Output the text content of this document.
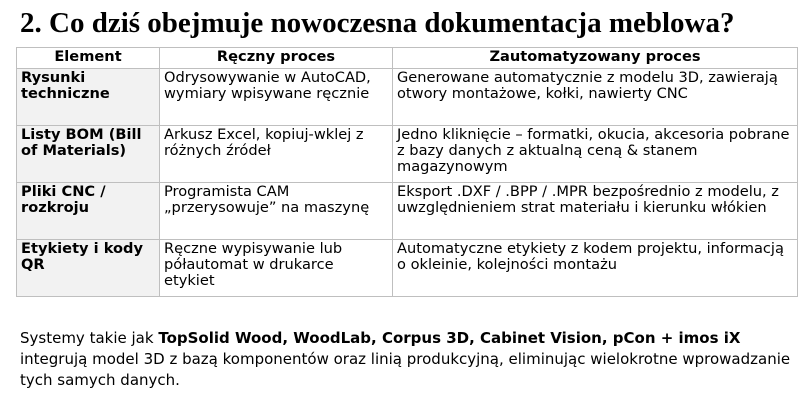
2. Co dziś obejmuje nowoczesna dokumentacja meblowa?
Element	Ręczny proces	Zautomatyzowany proces
Rysunki techniczne	Odrysowywanie w AutoCAD, wymiary wpisywane ręcznie	Generowane automatycznie z modelu 3D, zawierają otwory montażowe, kołki, nawierty CNC
Listy BOM (Bill of Materials)	Arkusz Excel, kopiuj-wklej z różnych źródeł	Jedno kliknięcie – formatki, okucia, akcesoria pobrane z bazy danych z aktualną ceną & stanem magazynowym
Pliki CNC / rozkroju	Programista CAM „przerysowuje” na maszynę	Eksport .DXF / .BPP / .MPR bezpośrednio z modelu, z uwzględnieniem strat materiału i kierunku włókien
Etykiety i kody QR	Ręczne wypisywanie lub półautomat w drukarce etykiet	Automatyczne etykiety z kodem projektu, informacją o okleinie, kolejności montażu

Systemy takie jak TopSolid Wood, WoodLab, Corpus 3D, Cabinet Vision, pCon + imos iX integrują model 3D z bazą komponentów oraz linią produkcyjną, eliminując wielokrotne wprowadzanie tych samych danych.
